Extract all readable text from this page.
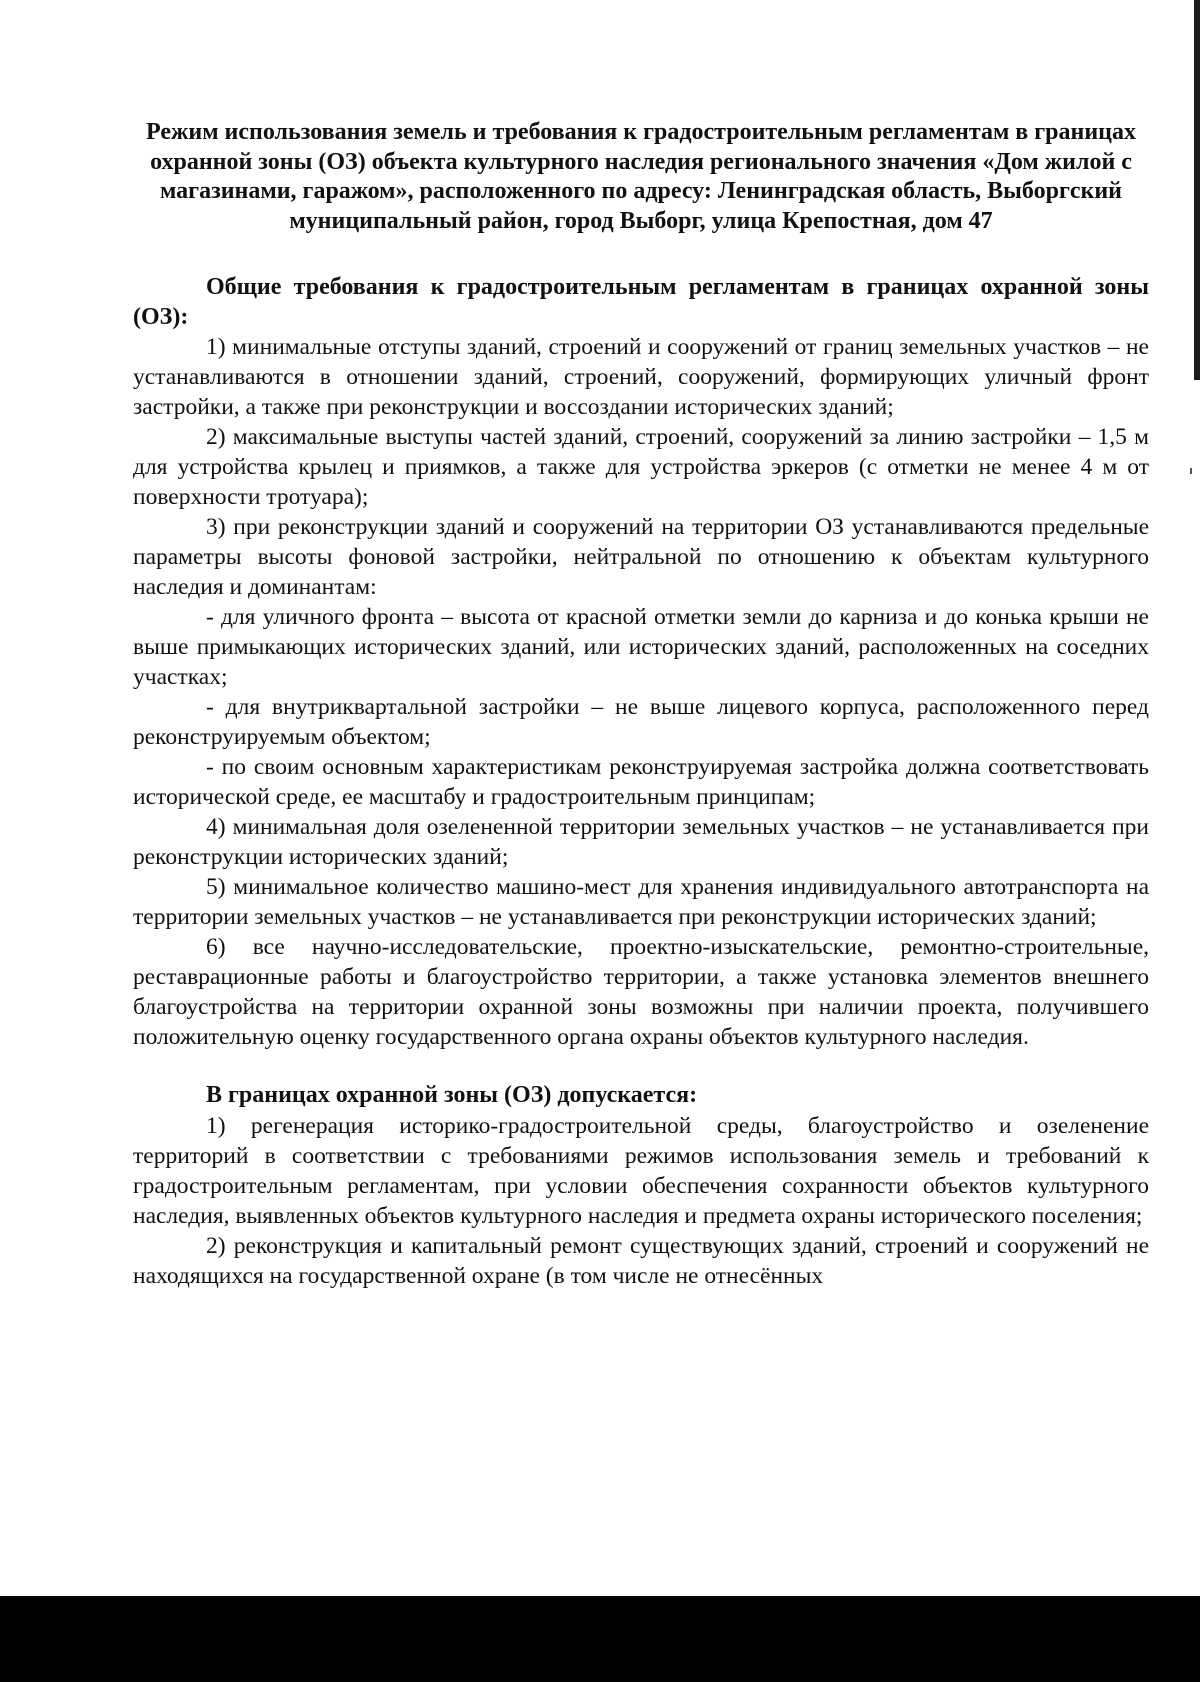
Режим использования земель и требования к градостроительным регламентам в границах охранной зоны (ОЗ) объекта культурного наследия регионального значения «Дом жилой с магазинами, гаражом», расположенного по адресу: Ленинградская область, Выборгский муниципальный район, город Выборг, улица Крепостная, дом 47

Общие требования к градостроительным регламентам в границах охранной зоны (ОЗ):

1) минимальные отступы зданий, строений и сооружений от границ земельных участков – не устанавливаются в отношении зданий, строений, сооружений, формирующих уличный фронт застройки, а также при реконструкции и воссоздании исторических зданий;

2) максимальные выступы частей зданий, строений, сооружений за линию застройки – 1,5 м для устройства крылец и приямков, а также для устройства эркеров (с отметки не менее 4 м от поверхности тротуара);

3) при реконструкции зданий и сооружений на территории ОЗ устанавливаются предельные параметры высоты фоновой застройки, нейтральной по отношению к объектам культурного наследия и доминантам:

- для уличного фронта – высота от красной отметки земли до карниза и до конька крыши не выше примыкающих исторических зданий, или исторических зданий, расположенных на соседних участках;

- для внутриквартальной застройки – не выше лицевого корпуса, расположенного перед реконструируемым объектом;

- по своим основным характеристикам реконструируемая застройка должна соответствовать исторической среде, ее масштабу и градостроительным принципам;

4) минимальная доля озелененной территории земельных участков – не устанавливается при реконструкции исторических зданий;

5) минимальное количество машино-мест для хранения индивидуального автотранспорта на территории земельных участков – не устанавливается при реконструкции исторических зданий;

6) все научно-исследовательские, проектно-изыскательские, ремонтно-строительные, реставрационные работы и благоустройство территории, а также установка элементов внешнего благоустройства на территории охранной зоны возможны при наличии проекта, получившего положительную оценку государственного органа охраны объектов культурного наследия.

В границах охранной зоны (ОЗ) допускается:

1) регенерация историко-градостроительной среды, благоустройство и озеленение территорий в соответствии с требованиями режимов использования земель и требований к градостроительным регламентам, при условии обеспечения сохранности объектов культурного наследия, выявленных объектов культурного наследия и предмета охраны исторического поселения;

2) реконструкция и капитальный ремонт существующих зданий, строений и сооружений не находящихся на государственной охране (в том числе не отнесённых
